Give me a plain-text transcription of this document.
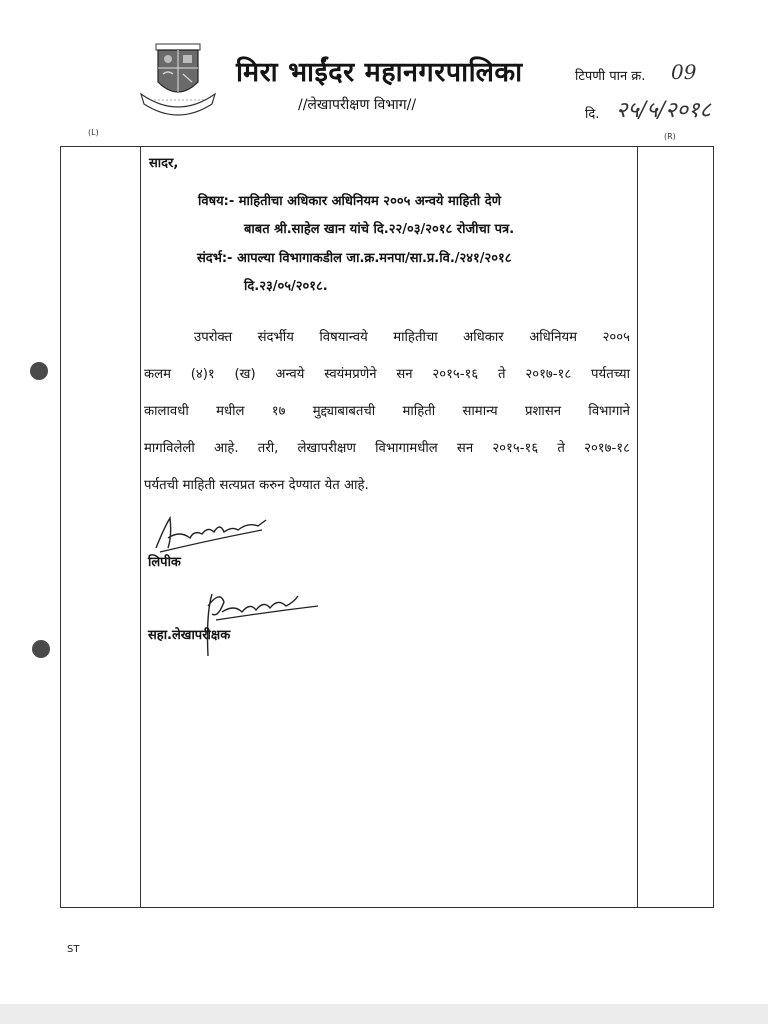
मिरा भाईंदर महानगरपालिका
//लेखापरीक्षण विभाग//
टिपणी पान क्र. 09
दि. २५/५/२०१८
(L)	(R)
सादर,
विषय:- माहितीचा अधिकार अधिनियम २००५ अन्वये माहिती देणे
बाबत श्री.साहेल खान यांचे दि.२२/०३/२०१८ रोजीचा पत्र.
संदर्भ:- आपल्या विभागाकडील जा.क्र.मनपा/सा.प्र.वि./२४१/२०१८
दि.२३/०५/२०१८.
उपरोक्त संदर्भीय विषयान्वये माहितीचा अधिकार अधिनियम २००५
कलम (४)१ (ख) अन्वये स्वयंमप्रणेने सन २०१५-१६ ते २०१७-१८ पर्यतच्या
कालावधी मधील १७ मुद्द्याबाबतची माहिती सामान्य प्रशासन विभागाने
मागविलेली आहे. तरी, लेखापरीक्षण विभागामधील सन २०१५-१६ ते २०१७-१८
पर्यतची माहिती सत्यप्रत करुन देण्यात येत आहे.
लिपीक
सहा.लेखापरीक्षक
ST
